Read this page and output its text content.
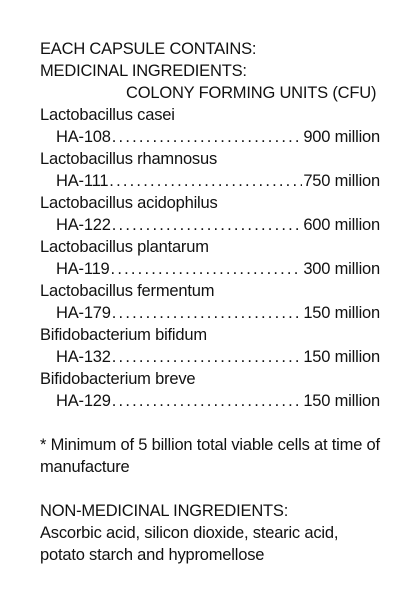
EACH CAPSULE CONTAINS:
MEDICINAL INGREDIENTS:
COLONY FORMING UNITS (CFU)
Lactobacillus casei
HA-108 .....	900 million
Lactobacillus rhamnosus
HA-111 .....	750 million
Lactobacillus acidophilus
HA-122 .....	600 million
Lactobacillus plantarum
HA-119 .....	300 million
Lactobacillus fermentum
HA-179 .....	150 million
Bifidobacterium bifidum
HA-132 .....	150 million
Bifidobacterium breve
HA-129 .....	150 million
* Minimum of 5 billion total viable cells at time of manufacture
NON-MEDICINAL INGREDIENTS:
Ascorbic acid, silicon dioxide, stearic acid, potato starch and hypromellose
